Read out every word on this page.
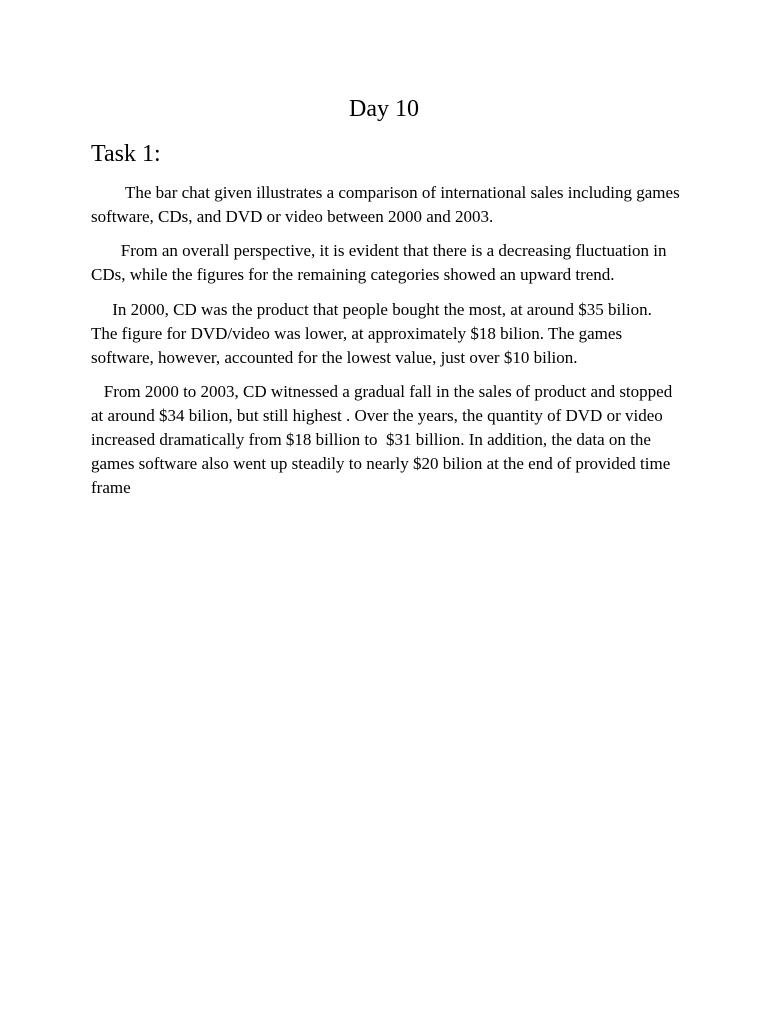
Day 10
Task 1:

The bar chat given illustrates a comparison of international sales including games software, CDs, and DVD or video between 2000 and 2003.

From an overall perspective, it is evident that there is a decreasing fluctuation in CDs, while the figures for the remaining categories showed an upward trend.

In 2000, CD was the product that people bought the most, at around $35 bilion. The figure for DVD/video was lower, at approximately $18 bilion. The games software, however, accounted for the lowest value, just over $10 bilion.

From 2000 to 2003, CD witnessed a gradual fall in the sales of product and stopped at around $34 bilion, but still highest . Over the years, the quantity of DVD or video increased dramatically from $18 billion to  $31 billion. In addition, the data on the games software also went up steadily to nearly $20 bilion at the end of provided time frame
